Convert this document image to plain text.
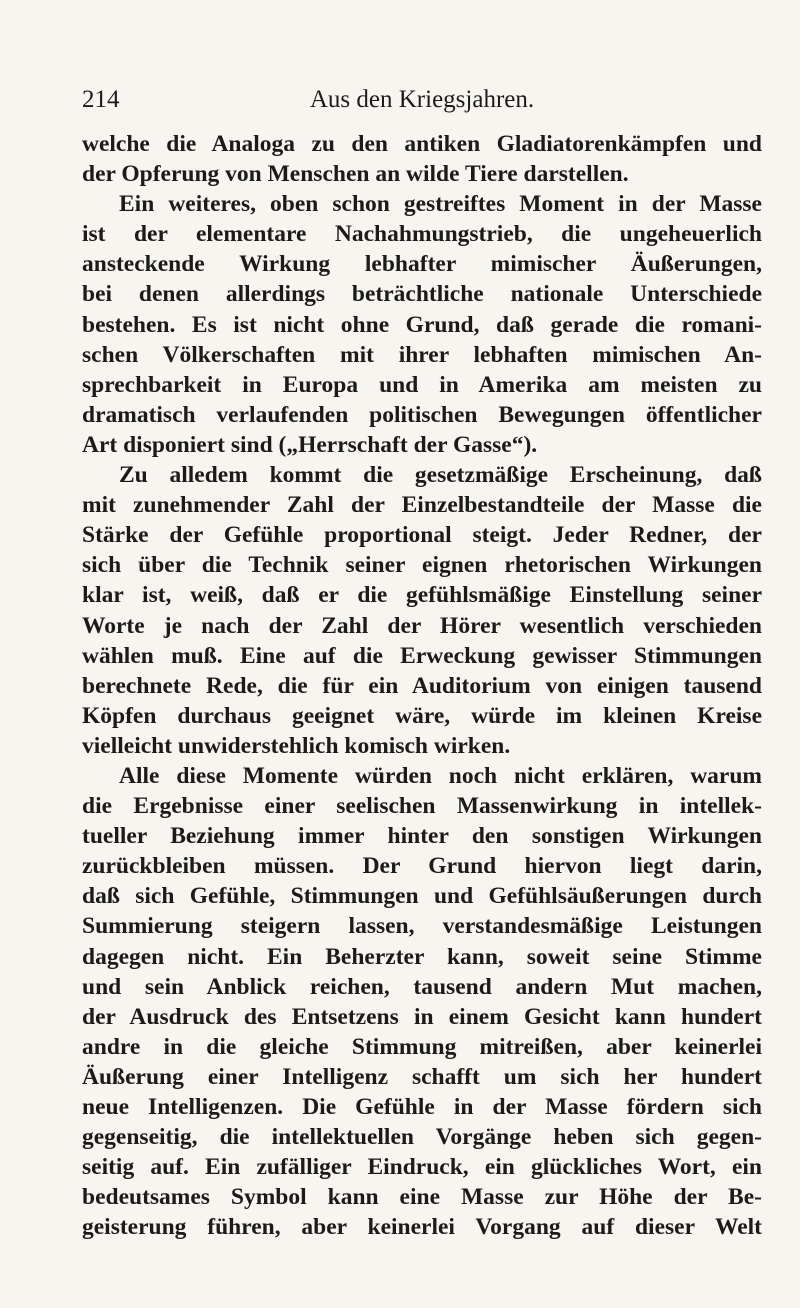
214	Aus den Kriegsjahren.
welche die Analoga zu den antiken Gladiatorenkämpfen und
der Opferung von Menschen an wilde Tiere darstellen.
Ein weiteres, oben schon gestreiftes Moment in der Masse
ist der elementare Nachahmungstrieb, die ungeheuerlich
ansteckende Wirkung lebhafter mimischer Äußerungen,
bei denen allerdings beträchtliche nationale Unterschiede
bestehen. Es ist nicht ohne Grund, daß gerade die romani-
schen Völkerschaften mit ihrer lebhaften mimischen An-
sprechbarkeit in Europa und in Amerika am meisten zu
dramatisch verlaufenden politischen Bewegungen öffentlicher
Art disponiert sind („Herrschaft der Gasse“).
Zu alledem kommt die gesetzmäßige Erscheinung, daß
mit zunehmender Zahl der Einzelbestandteile der Masse die
Stärke der Gefühle proportional steigt. Jeder Redner, der
sich über die Technik seiner eignen rhetorischen Wirkungen
klar ist, weiß, daß er die gefühlsmäßige Einstellung seiner
Worte je nach der Zahl der Hörer wesentlich verschieden
wählen muß. Eine auf die Erweckung gewisser Stimmungen
berechnete Rede, die für ein Auditorium von einigen tausend
Köpfen durchaus geeignet wäre, würde im kleinen Kreise
vielleicht unwiderstehlich komisch wirken.
Alle diese Momente würden noch nicht erklären, warum
die Ergebnisse einer seelischen Massenwirkung in intellek-
tueller Beziehung immer hinter den sonstigen Wirkungen
zurückbleiben müssen. Der Grund hiervon liegt darin,
daß sich Gefühle, Stimmungen und Gefühlsäußerungen durch
Summierung steigern lassen, verstandesmäßige Leistungen
dagegen nicht. Ein Beherzter kann, soweit seine Stimme
und sein Anblick reichen, tausend andern Mut machen,
der Ausdruck des Entsetzens in einem Gesicht kann hundert
andre in die gleiche Stimmung mitreißen, aber keinerlei
Äußerung einer Intelligenz schafft um sich her hundert
neue Intelligenzen. Die Gefühle in der Masse fördern sich
gegenseitig, die intellektuellen Vorgänge heben sich gegen-
seitig auf. Ein zufälliger Eindruck, ein glückliches Wort, ein
bedeutsames Symbol kann eine Masse zur Höhe der Be-
geisterung führen, aber keinerlei Vorgang auf dieser Welt
